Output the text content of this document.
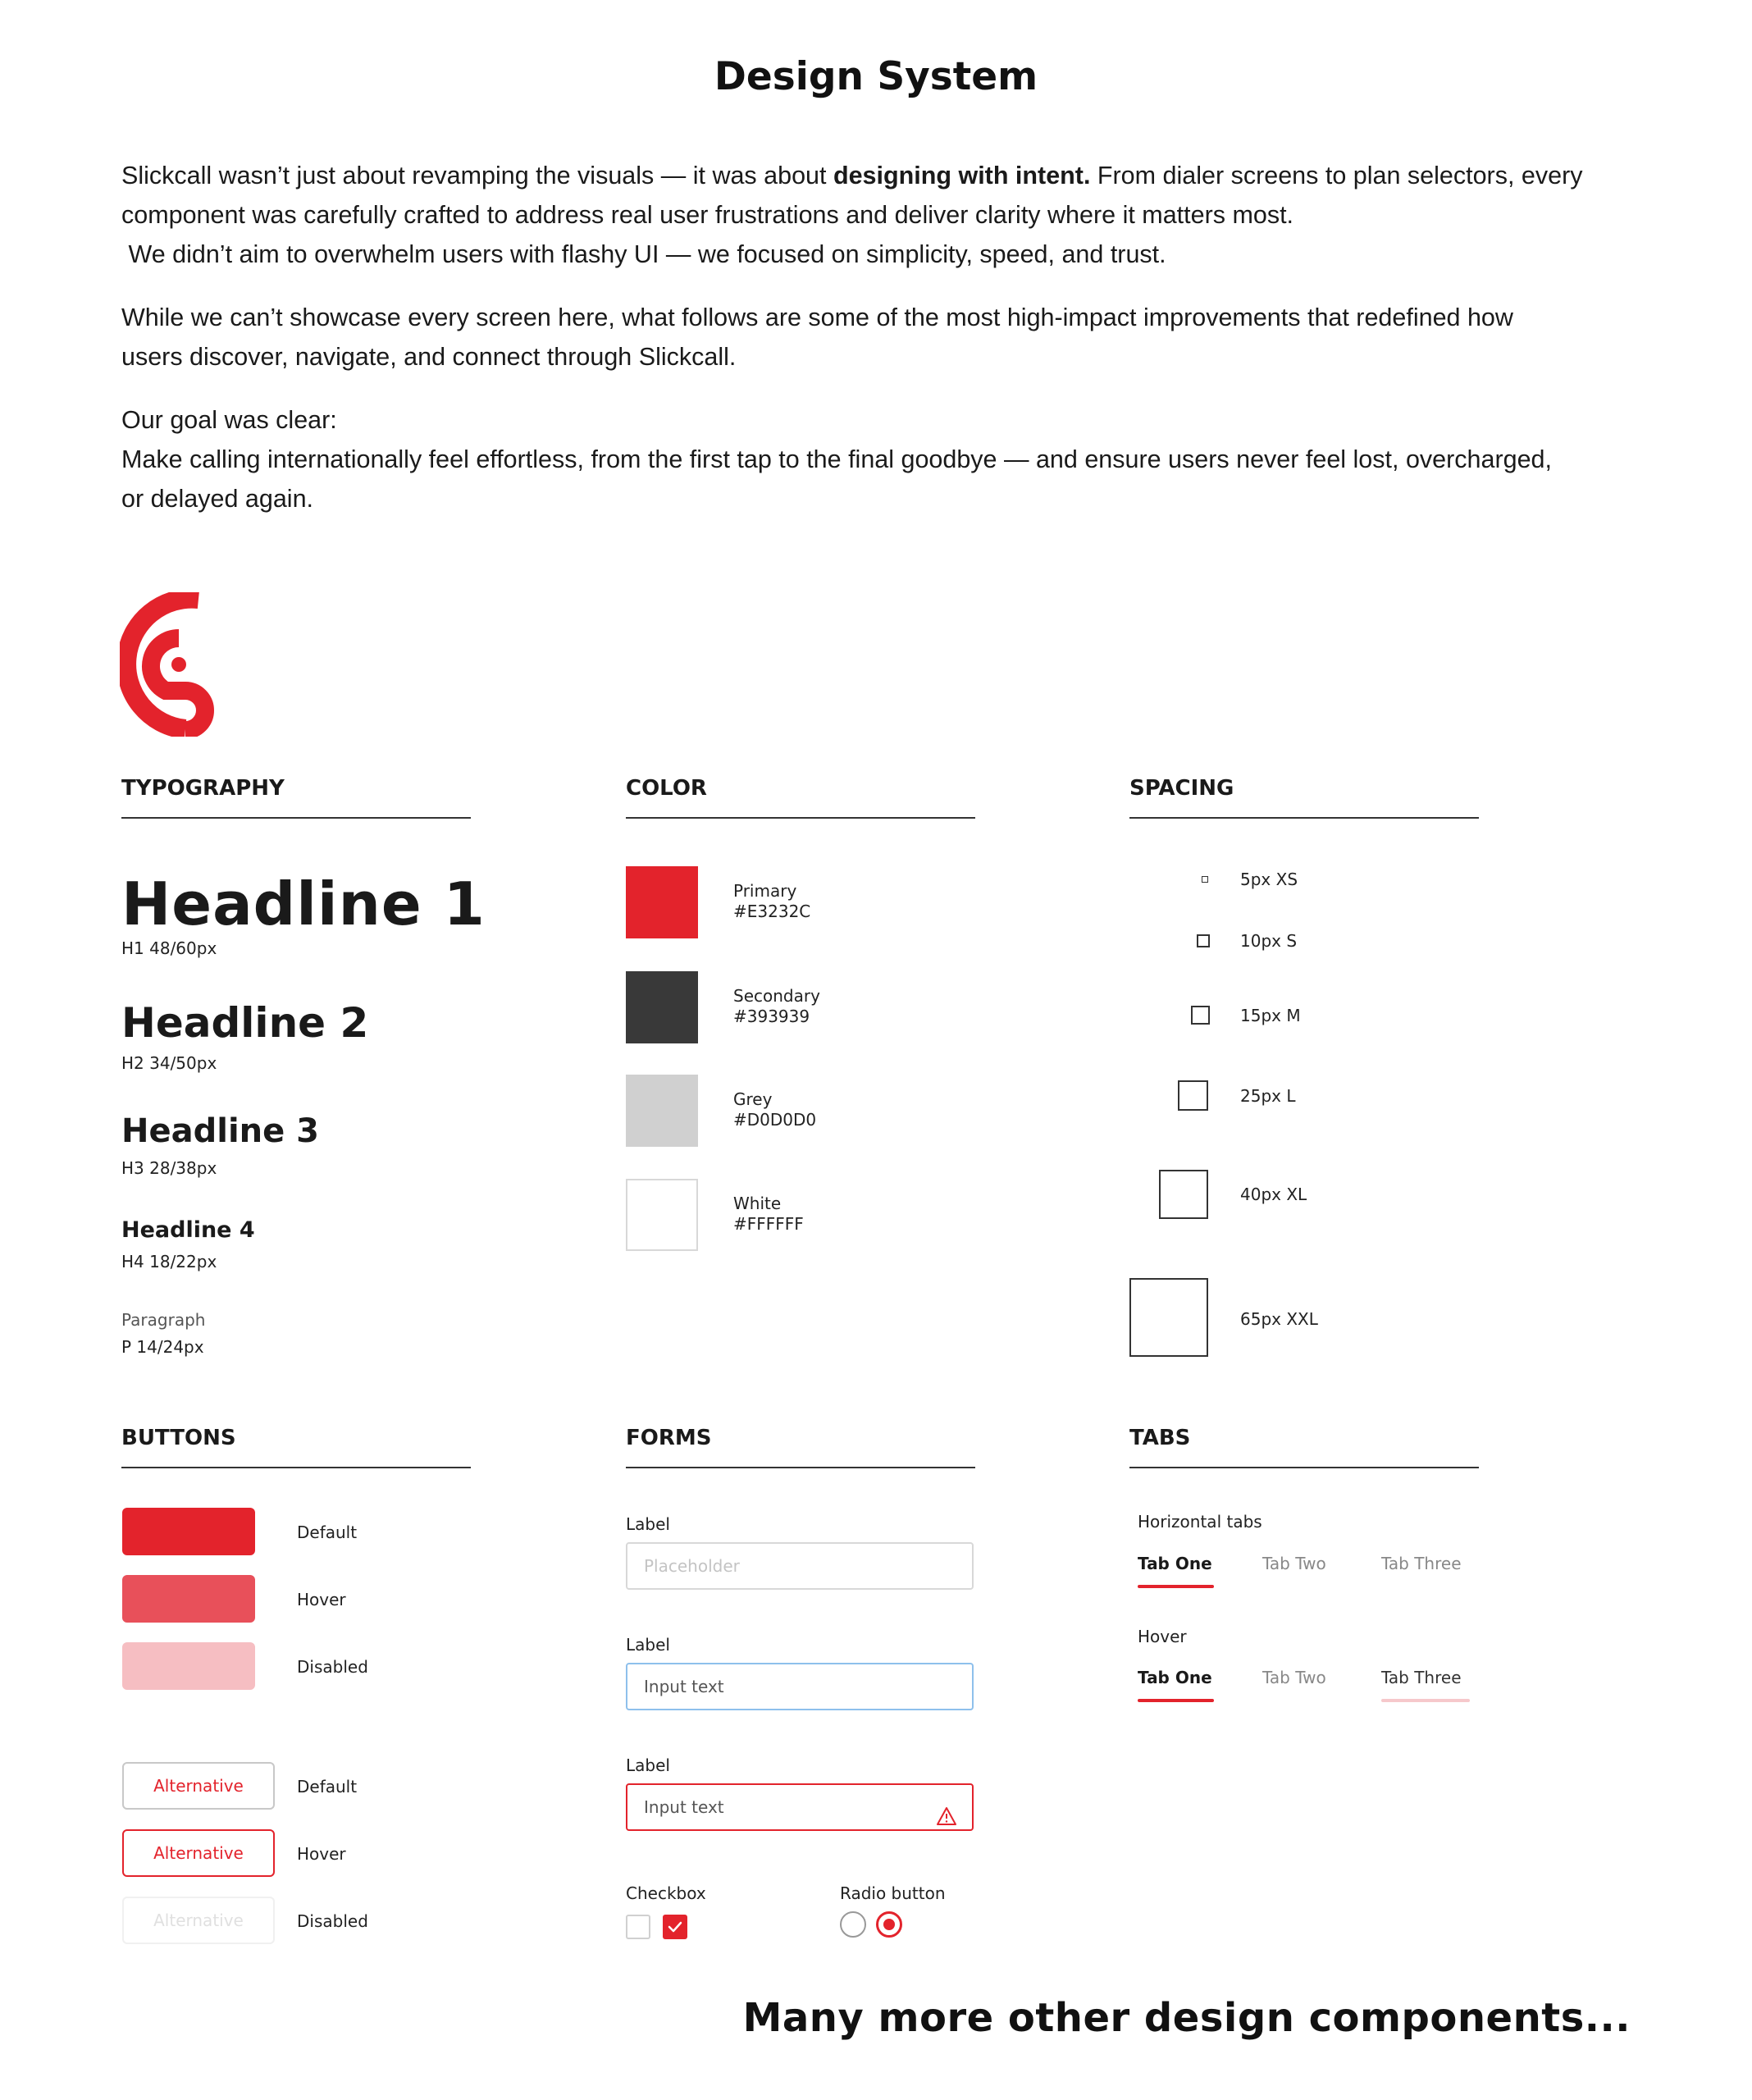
Design System

Slickcall wasn’t just about revamping the visuals — it was about designing with intent. From dialer screens to plan selectors, every
component was carefully crafted to address real user frustrations and deliver clarity where it matters most.
We didn’t aim to overwhelm users with flashy UI — we focused on simplicity, speed, and trust.

While we can’t showcase every screen here, what follows are some of the most high-impact improvements that redefined how
users discover, navigate, and connect through Slickcall.

Our goal was clear:
Make calling internationally feel effortless, from the first tap to the final goodbye — and ensure users never feel lost, overcharged,
or delayed again.

TYPOGRAPHY
Headline 1
H1 48/60px
Headline 2
H2 34/50px
Headline 3
H3 28/38px
Headline 4
H4 18/22px
Paragraph
P 14/24px
COLOR
Primary
#E3232C
Secondary
#393939
Grey
#D0D0D0
White
#FFFFFF
SPACING
5px XS
10px S
15px M
25px L
40px XL
65px XXL
BUTTONS
Default
Hover
Disabled
Alternative	Default
Alternative	Hover
Alternative	Disabled
FORMS
Label
Placeholder
Label
Input text
Label
Input text
Checkbox	Radio button
TABS
Horizontal tabs
Tab One	Tab Two	Tab Three
Hover
Tab One	Tab Two	Tab Three
Many more other design components...
